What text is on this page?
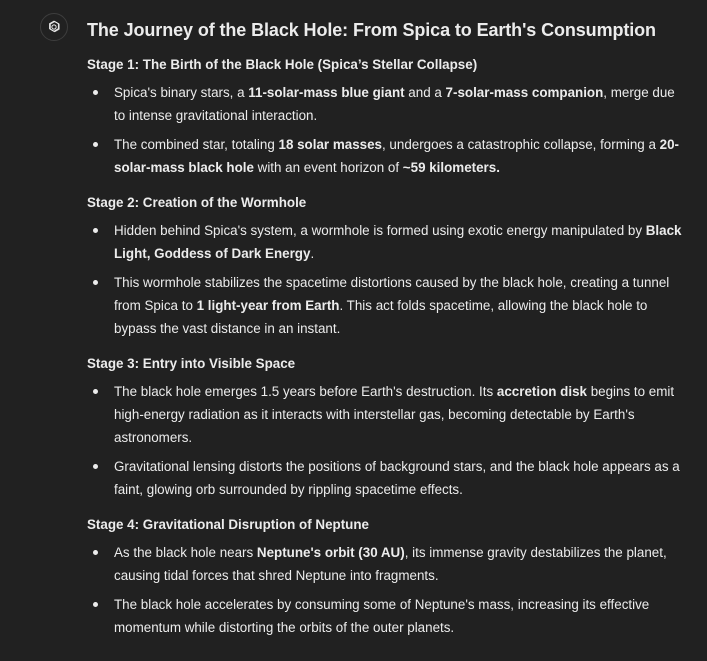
The Journey of the Black Hole: From Spica to Earth's Consumption
Stage 1: The Birth of the Black Hole (Spica’s Stellar Collapse)
Spica's binary stars, a 11-solar-mass blue giant and a 7-solar-mass companion, merge due to intense gravitational interaction.
The combined star, totaling 18 solar masses, undergoes a catastrophic collapse, forming a 20-solar-mass black hole with an event horizon of ~59 kilometers.
Stage 2: Creation of the Wormhole
Hidden behind Spica's system, a wormhole is formed using exotic energy manipulated by Black Light, Goddess of Dark Energy.
This wormhole stabilizes the spacetime distortions caused by the black hole, creating a tunnel from Spica to 1 light-year from Earth. This act folds spacetime, allowing the black hole to bypass the vast distance in an instant.
Stage 3: Entry into Visible Space
The black hole emerges 1.5 years before Earth's destruction. Its accretion disk begins to emit high-energy radiation as it interacts with interstellar gas, becoming detectable by Earth's astronomers.
Gravitational lensing distorts the positions of background stars, and the black hole appears as a faint, glowing orb surrounded by rippling spacetime effects.
Stage 4: Gravitational Disruption of Neptune
As the black hole nears Neptune's orbit (30 AU), its immense gravity destabilizes the planet, causing tidal forces that shred Neptune into fragments.
The black hole accelerates by consuming some of Neptune's mass, increasing its effective momentum while distorting the orbits of the outer planets.
